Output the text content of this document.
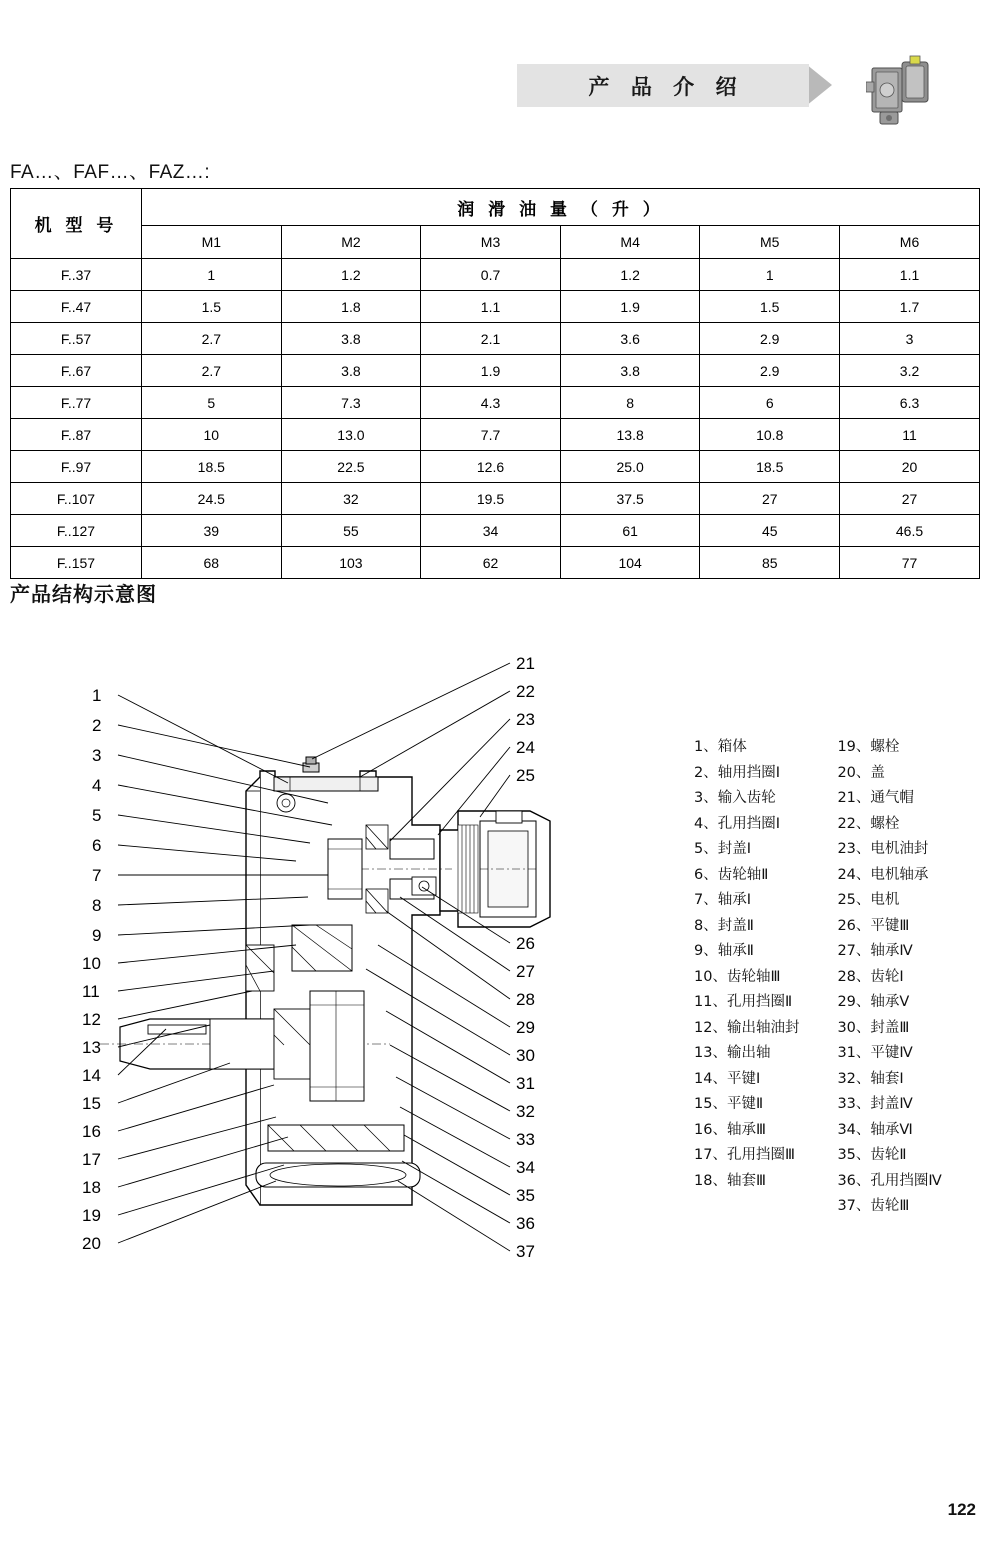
产 品 介 绍
FA…、FAF…、FAZ…:
机 型 号	润 滑 油 量 （ 升 ）					
	M1	M2	M3	M4	M5	M6
F..37	1	1.2	0.7	1.2	1	1.1
F..47	1.5	1.8	1.1	1.9	1.5	1.7
F..57	2.7	3.8	2.1	3.6	2.9	3
F..67	2.7	3.8	1.9	3.8	2.9	3.2
F..77	5	7.3	4.3	8	6	6.3
F..87	10	13.0	7.7	13.8	10.8	11
F..97	18.5	22.5	12.6	25.0	18.5	20
F..107	24.5	32	19.5	37.5	27	27
F..127	39	55	34	61	45	46.5
F..157	68	103	62	104	85	77
产品结构示意图
1
2
3
4
5
6
7
8
9
10
11
12
13
14
15
16
17
18
19
20
21
22
23
24
25
26
27
28
29
30
31
32
33
34
35
36
37
1、箱体
2、轴用挡圈Ⅰ
3、输入齿轮
4、孔用挡圈Ⅰ
5、封盖Ⅰ
6、齿轮轴Ⅱ
7、轴承Ⅰ
8、封盖Ⅱ
9、轴承Ⅱ
10、齿轮轴Ⅲ
11、孔用挡圈Ⅱ
12、输出轴油封
13、输出轴
14、平键Ⅰ
15、平键Ⅱ
16、轴承Ⅲ
17、孔用挡圈Ⅲ
18、轴套Ⅲ
19、螺栓
20、盖
21、通气帽
22、螺栓
23、电机油封
24、电机轴承
25、电机
26、平键Ⅲ
27、轴承Ⅳ
28、齿轮Ⅰ
29、轴承Ⅴ
30、封盖Ⅲ
31、平键Ⅳ
32、轴套Ⅰ
33、封盖Ⅳ
34、轴承Ⅵ
35、齿轮Ⅱ
36、孔用挡圈Ⅳ
37、齿轮Ⅲ
122
